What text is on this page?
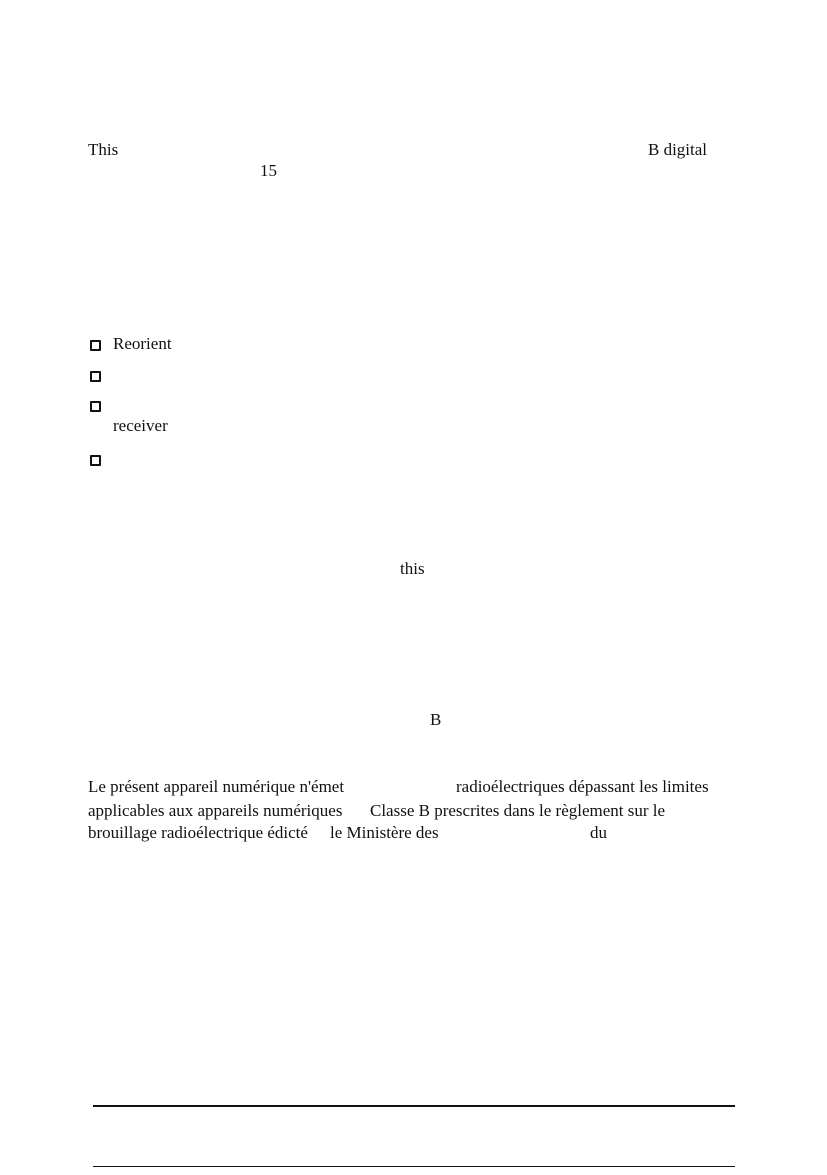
This	B digital
15
Reorient
receiver
this
B
Le présent appareil numérique n'émet	radioélectriques dépassant les limites
applicables aux appareils numériques Classe B prescrites dans le règlement sur le
brouillage radioélectrique édicté le Ministère des	du
